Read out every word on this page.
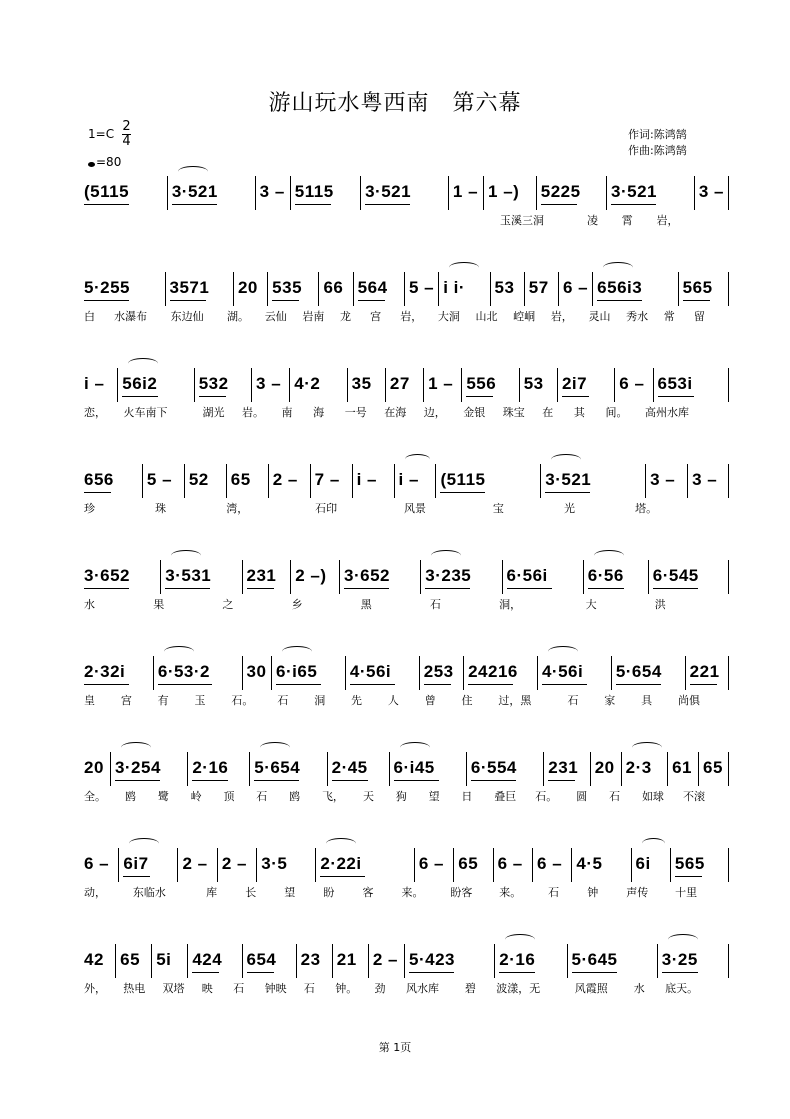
游山玩水粤西南　第六幕
1=C 2
4
=80
作词:陈鸿鹄
作曲:陈鸿鹄
(5115	3·521 3 – 5115 3·521 1 – 1 –) 5225 3·521 3 –
玉溪三洞	凌 霄 岩，
5·255 3571 20 535 66 564 5 – i i· 53 57 6 – 656i3 565
白 水瀑布 东边仙 湖。 云仙 岩南 龙 宫 岩， 大洞 山北 崆峒 岩， 灵山 秀水 常 留
i – 56i2 532 3 – 4·2 35 27 1 – 556 53 2i7 6 – 653i
恋， 火车南下	湖光 岩。 南 海 一号 在海 边， 金银 珠宝 在 其 间。 高州水库
656 5 – 52 65 2 – 7 – i – i – (5115	3·521	3 – 3 –
珍	珠	湾，	石印	风景	宝	光	塔。
3·652 3·531 231 2 –) 3·652 3·235 6·56i 6·56 6·545
水	果	之	乡	黑	石	洞，	大	洪
2·32i 6·53·2 30 6·i65 4·56i 253 24216 4·56i 5·654 221
皇 宫 有 玉 石。 石 洞 先 人 曾 住 过，黑	石 家 具 尚俱
20 3·254 2·16 5·654 2·45 6·i45 6·554 231 20 2·3 61 65
全。 鸥 鹭 岭 顶 石 鸥 飞， 天 狗 望 日 叠巨 石。 圆 石 如球 不滚
6 – 6i7 2 – 2 – 3·5 2·22i	6 – 65 6 – 6 – 4·5 6i 565
动， 东临水	库	长	望	盼	客	来。 盼客 来。 石	钟	声传 十里
42 65 5i 424 654 23 21 2 – 5·423	2·16 5·645	3·25
外， 热电 双塔 映 石 钟映 石 钟。 劲 风水库 碧 波漾，无	风霞照 水 底天。
第 1页
